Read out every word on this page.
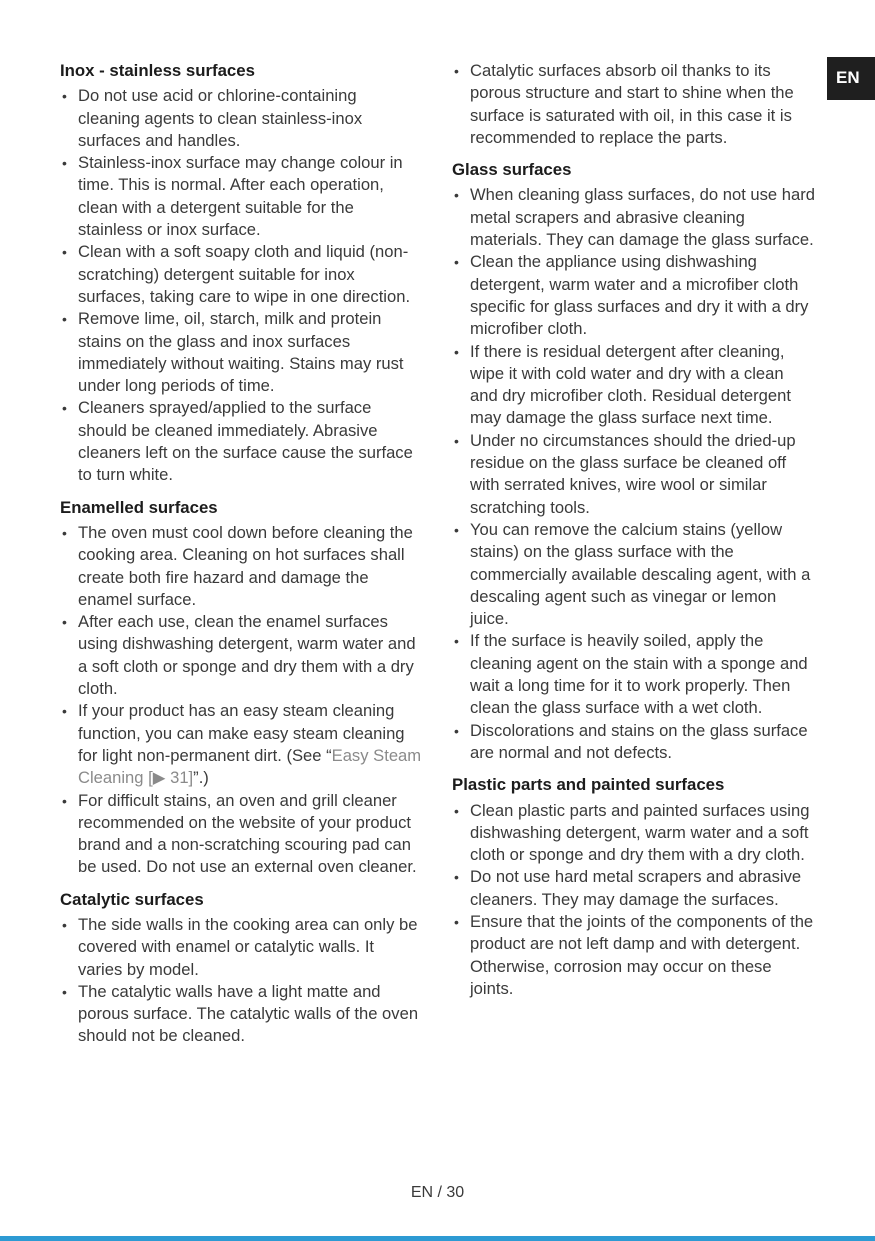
EN
Inox - stainless surfaces
• Do not use acid or chlorine-containing cleaning agents to clean stainless-inox surfaces and handles.
• Stainless-inox surface may change colour in time. This is normal. After each operation, clean with a detergent suitable for the stainless or inox surface.
• Clean with a soft soapy cloth and liquid (non-scratching) detergent suitable for inox surfaces, taking care to wipe in one direction.
• Remove lime, oil, starch, milk and protein stains on the glass and inox surfaces immediately without waiting. Stains may rust under long periods of time.
• Cleaners sprayed/applied to the surface should be cleaned immediately. Abrasive cleaners left on the surface cause the surface to turn white.
Enamelled surfaces
• The oven must cool down before cleaning the cooking area. Cleaning on hot surfaces shall create both fire hazard and damage the enamel surface.
• After each use, clean the enamel surfaces using dishwashing detergent, warm water and a soft cloth or sponge and dry them with a dry cloth.
• If your product has an easy steam cleaning function, you can make easy steam cleaning for light non-permanent dirt. (See “Easy Steam Cleaning [▶ 31]”.)
• For difficult stains, an oven and grill cleaner recommended on the website of your product brand and a non-scratching scouring pad can be used. Do not use an external oven cleaner.
Catalytic surfaces
• The side walls in the cooking area can only be covered with enamel or catalytic walls. It varies by model.
• The catalytic walls have a light matte and porous surface. The catalytic walls of the oven should not be cleaned.
• Catalytic surfaces absorb oil thanks to its porous structure and start to shine when the surface is saturated with oil, in this case it is recommended to replace the parts.
Glass surfaces
• When cleaning glass surfaces, do not use hard metal scrapers and abrasive cleaning materials. They can damage the glass surface.
• Clean the appliance using dishwashing detergent, warm water and a microfiber cloth specific for glass surfaces and dry it with a dry microfiber cloth.
• If there is residual detergent after cleaning, wipe it with cold water and dry with a clean and dry microfiber cloth. Residual detergent may damage the glass surface next time.
• Under no circumstances should the dried-up residue on the glass surface be cleaned off with serrated knives, wire wool or similar scratching tools.
• You can remove the calcium stains (yellow stains) on the glass surface with the commercially available descaling agent, with a descaling agent such as vinegar or lemon juice.
• If the surface is heavily soiled, apply the cleaning agent on the stain with a sponge and wait a long time for it to work properly. Then clean the glass surface with a wet cloth.
• Discolorations and stains on the glass surface are normal and not defects.
Plastic parts and painted surfaces
• Clean plastic parts and painted surfaces using dishwashing detergent, warm water and a soft cloth or sponge and dry them with a dry cloth.
• Do not use hard metal scrapers and abrasive cleaners. They may damage the surfaces.
• Ensure that the joints of the components of the product are not left damp and with detergent. Otherwise, corrosion may occur on these joints.
EN / 30
